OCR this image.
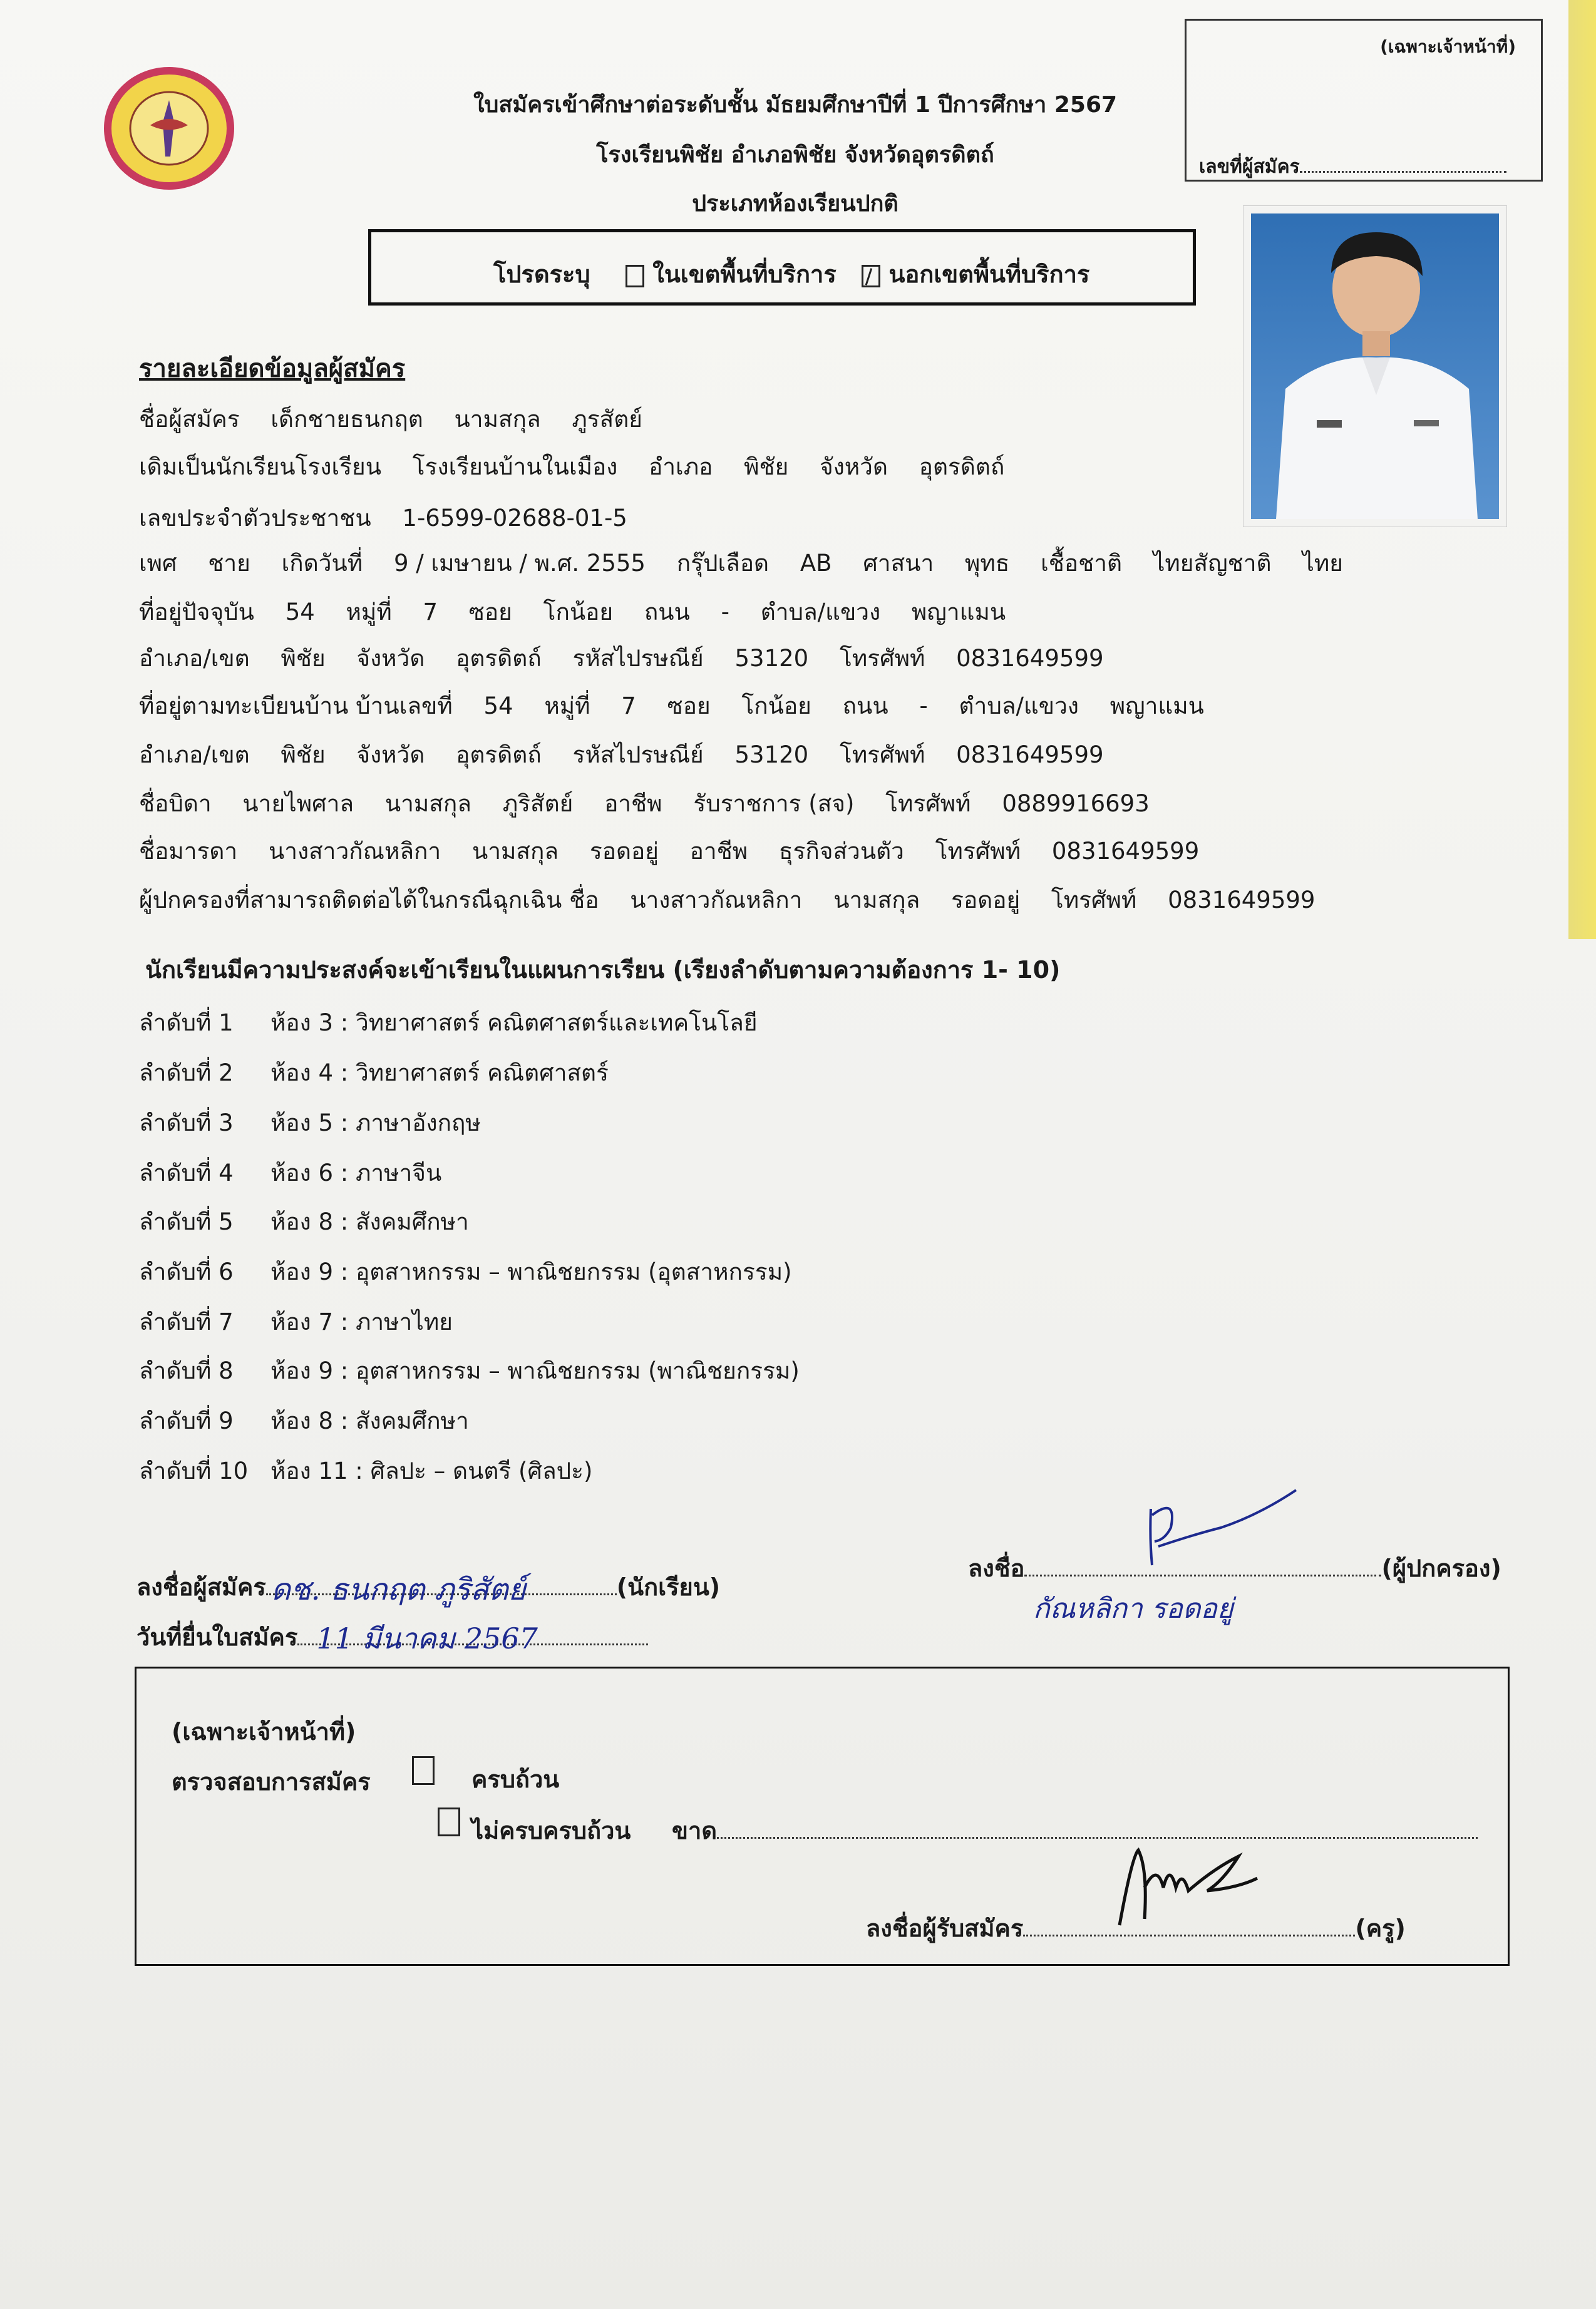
ใบสมัครเข้าศึกษาต่อระดับชั้น มัธยมศึกษาปีที่ 1 ปีการศึกษา 2567
โรงเรียนพิชัย อำเภอพิชัย จังหวัดอุตรดิตถ์
ประเภทห้องเรียนปกติ
(เฉพาะเจ้าหน้าที่)
เลขที่ผู้สมัคร
โปรดระบุ	ในเขตพื้นที่บริการ นอกเขตพื้นที่บริการ
รายละเอียดข้อมูลผู้สมัคร
ชื่อผู้สมัคร เด็กชายธนกฤต นามสกุล ภูรสัตย์
เดิมเป็นนักเรียนโรงเรียน โรงเรียนบ้านในเมือง อำเภอ พิชัย จังหวัด อุตรดิตถ์
เลขประจำตัวประชาชน 1-6599-02688-01-5
เพศ ชาย เกิดวันที่ 9 / เมษายน / พ.ศ. 2555 กรุ๊ปเลือด AB ศาสนา พุทธ เชื้อชาติ ไทยสัญชาติ ไทย
ที่อยู่ปัจจุบัน 54 หมู่ที่ 7 ซอย โกน้อย ถนน - ตำบล/แขวง พญาแมน
อำเภอ/เขต พิชัย จังหวัด อุตรดิตถ์ รหัสไปรษณีย์ 53120 โทรศัพท์ 0831649599
ที่อยู่ตามทะเบียนบ้าน บ้านเลขที่ 54 หมู่ที่ 7 ซอย โกน้อย ถนน - ตำบล/แขวง พญาแมน
อำเภอ/เขต พิชัย จังหวัด อุตรดิตถ์ รหัสไปรษณีย์ 53120 โทรศัพท์ 0831649599
ชื่อบิดา นายไพศาล นามสกุล ภูริสัตย์ อาชีพ รับราชการ (สจ) โทรศัพท์ 0889916693
ชื่อมารดา นางสาวกัณหลิกา นามสกุล รอดอยู่ อาชีพ ธุรกิจส่วนตัว โทรศัพท์ 0831649599
ผู้ปกครองที่สามารถติดต่อได้ในกรณีฉุกเฉิน ชื่อ นางสาวกัณหลิกา นามสกุล รอดอยู่ โทรศัพท์ 0831649599
นักเรียนมีความประสงค์จะเข้าเรียนในแผนการเรียน (เรียงลำดับตามความต้องการ 1- 10)
ลำดับที่ 1 ห้อง 3 : วิทยาศาสตร์ คณิตศาสตร์และเทคโนโลยี
ลำดับที่ 2 ห้อง 4 : วิทยาศาสตร์ คณิตศาสตร์
ลำดับที่ 3 ห้อง 5 : ภาษาอังกฤษ
ลำดับที่ 4 ห้อง 6 : ภาษาจีน
ลำดับที่ 5 ห้อง 8 : สังคมศึกษา
ลำดับที่ 6 ห้อง 9 : อุตสาหกรรม – พาณิชยกรรม (อุตสาหกรรม)
ลำดับที่ 7 ห้อง 7 : ภาษาไทย
ลำดับที่ 8 ห้อง 9 : อุตสาหกรรม – พาณิชยกรรม (พาณิชยกรรม)
ลำดับที่ 9 ห้อง 8 : สังคมศึกษา
ลำดับที่ 10 ห้อง 11 : ศิลปะ – ดนตรี (ศิลปะ)
ลงชื่อผู้สมัคร ดช. ธนกฤต ภูริสัตย์	(นักเรียน)
วันที่ยื่นใบสมัคร 11 มีนาคม 2567
ลงชื่อ	(ผู้ปกครอง)
กัณหลิกา รอดอยู่
(เฉพาะเจ้าหน้าที่)
ตรวจสอบการสมัคร
	ครบถ้วน
ไม่ครบครบถ้วน ขาด
ลงชื่อผู้รับสมัคร	(ครู)
